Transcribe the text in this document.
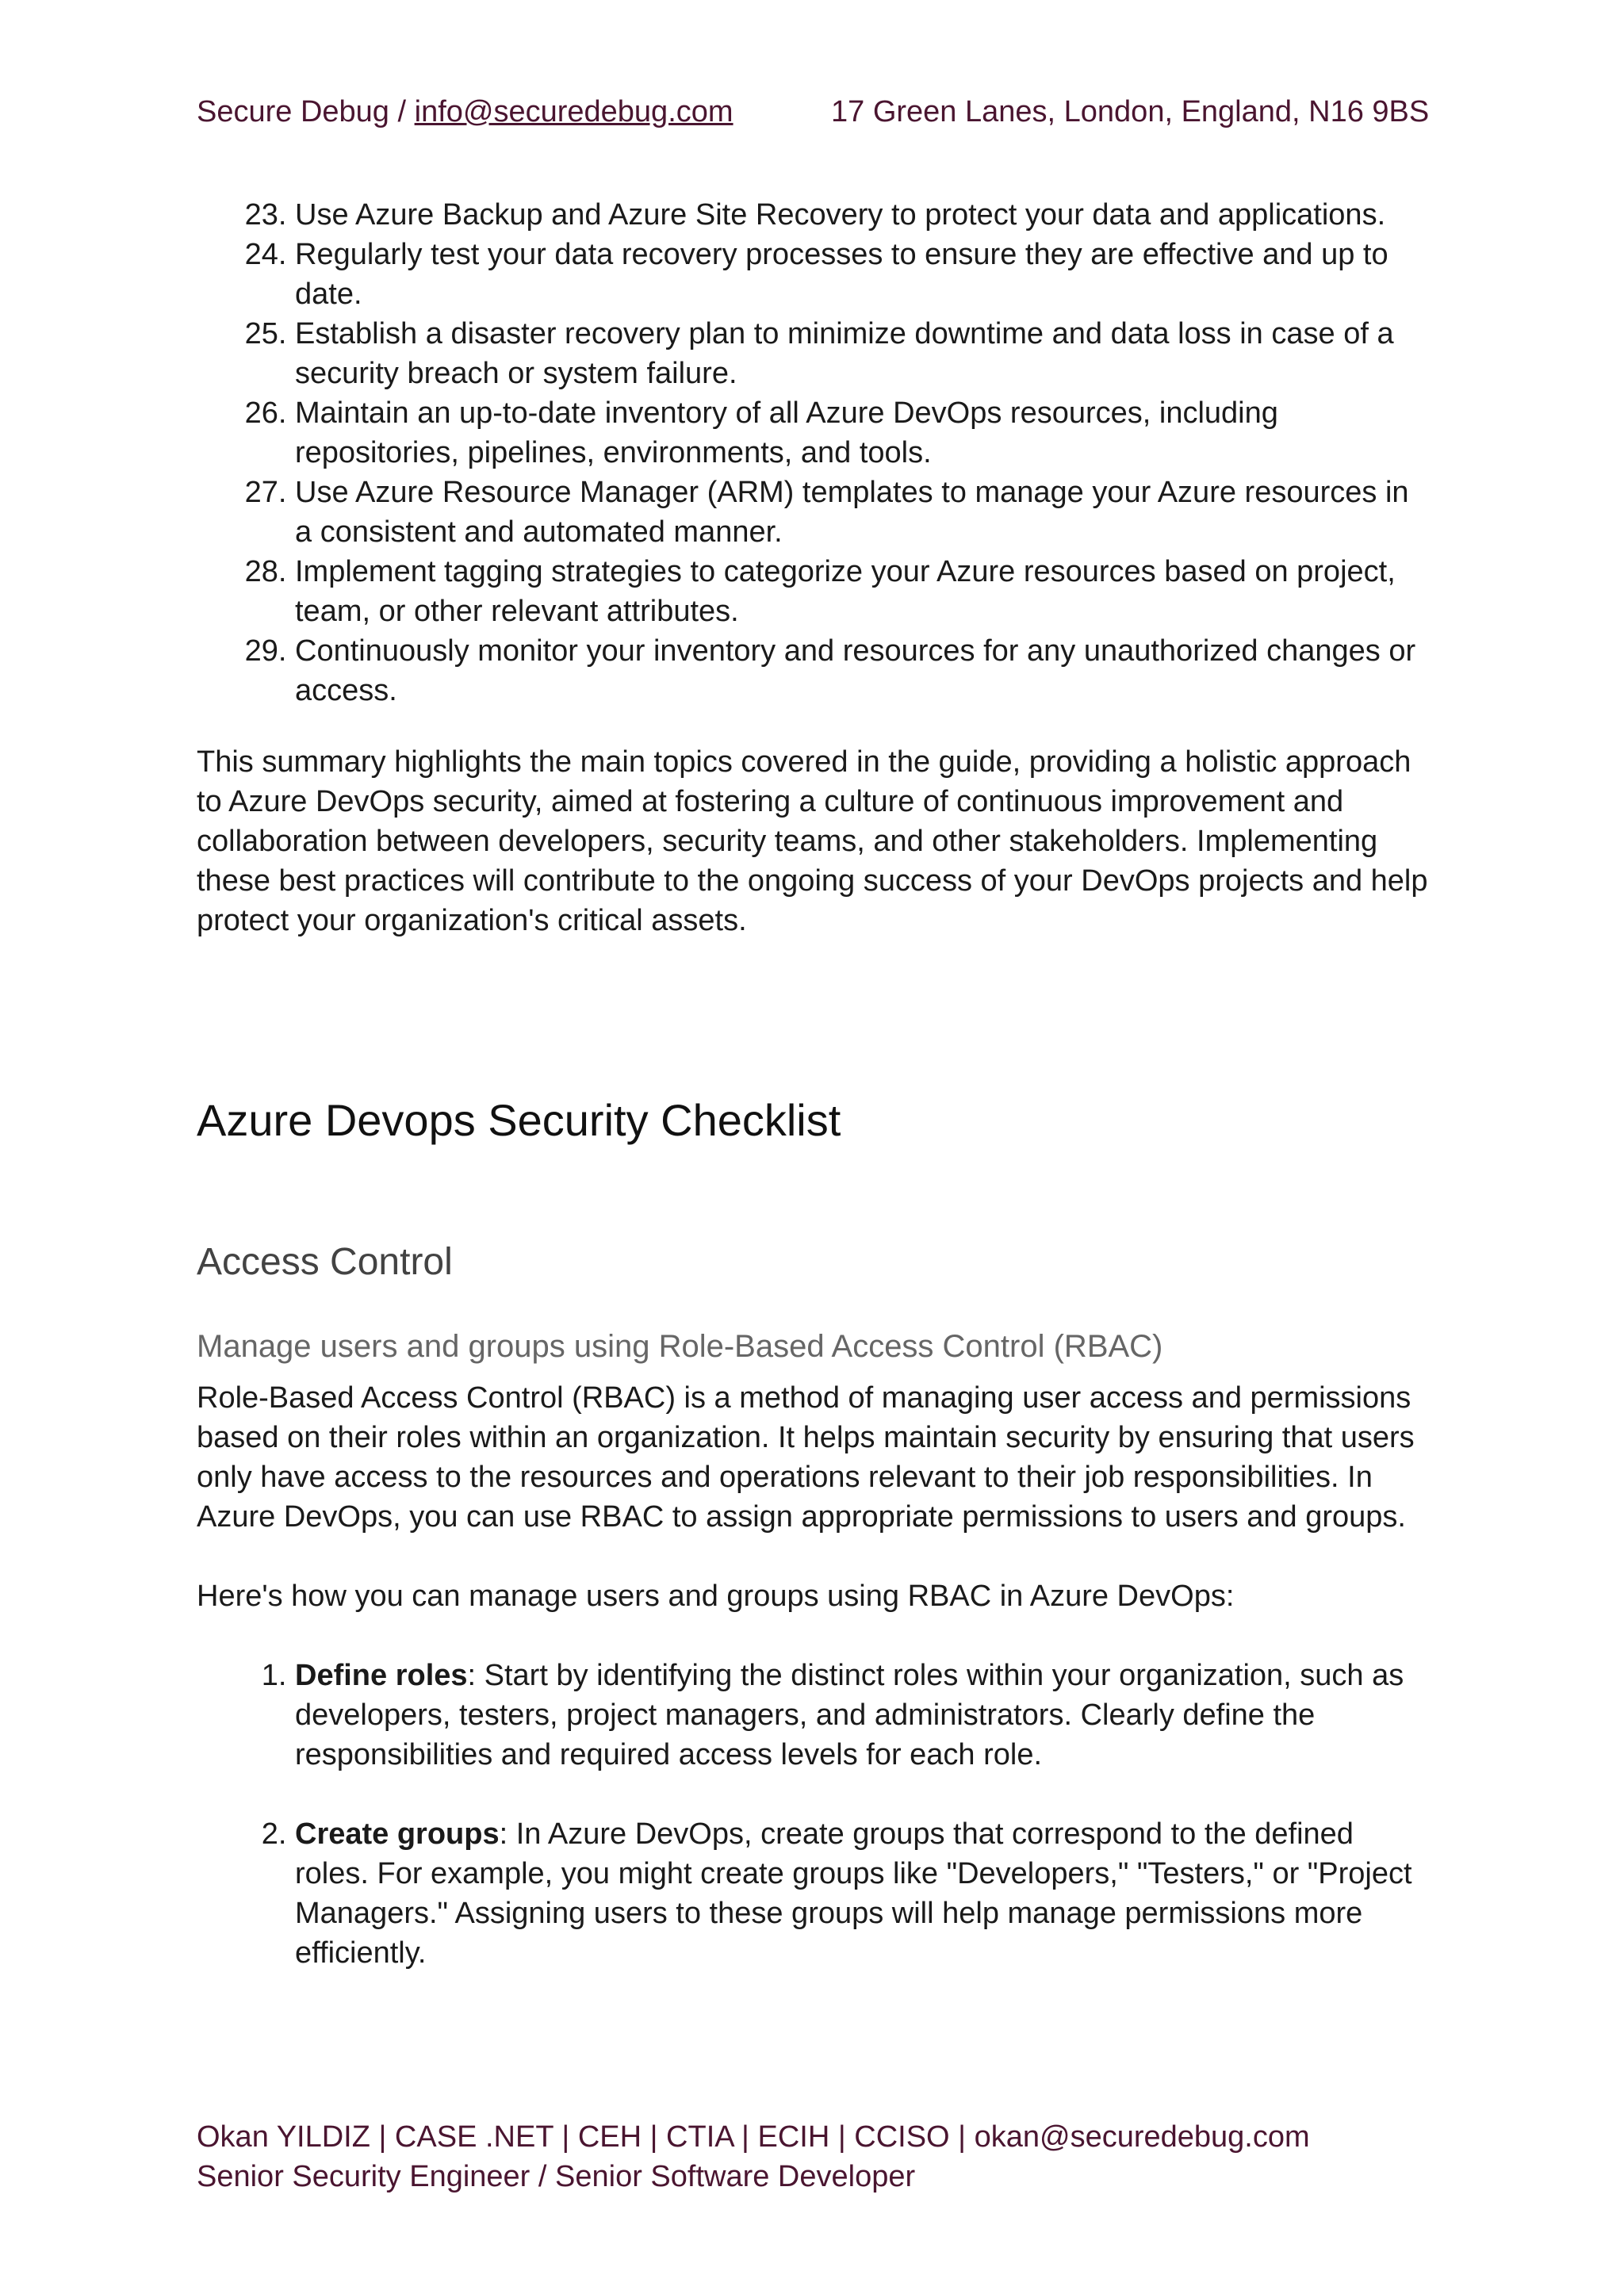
Secure Debug / info@securedebug.com	17 Green Lanes, London, England, N16 9BS
23. Use Azure Backup and Azure Site Recovery to protect your data and applications.
24. Regularly test your data recovery processes to ensure they are effective and up to date.
25. Establish a disaster recovery plan to minimize downtime and data loss in case of a security breach or system failure.
26. Maintain an up-to-date inventory of all Azure DevOps resources, including repositories, pipelines, environments, and tools.
27. Use Azure Resource Manager (ARM) templates to manage your Azure resources in a consistent and automated manner.
28. Implement tagging strategies to categorize your Azure resources based on project, team, or other relevant attributes.
29. Continuously monitor your inventory and resources for any unauthorized changes or access.

This summary highlights the main topics covered in the guide, providing a holistic approach to Azure DevOps security, aimed at fostering a culture of continuous improvement and collaboration between developers, security teams, and other stakeholders. Implementing these best practices will contribute to the ongoing success of your DevOps projects and help protect your organization's critical assets.

Azure Devops Security Checklist
Access Control
Manage users and groups using Role-Based Access Control (RBAC)

Role-Based Access Control (RBAC) is a method of managing user access and permissions based on their roles within an organization. It helps maintain security by ensuring that users only have access to the resources and operations relevant to their job responsibilities. In Azure DevOps, you can use RBAC to assign appropriate permissions to users and groups.

Here's how you can manage users and groups using RBAC in Azure DevOps:

1. Define roles: Start by identifying the distinct roles within your organization, such as developers, testers, project managers, and administrators. Clearly define the responsibilities and required access levels for each role.
2. Create groups: In Azure DevOps, create groups that correspond to the defined roles. For example, you might create groups like "Developers," "Testers," or "Project Managers." Assigning users to these groups will help manage permissions more efficiently.
Okan YILDIZ | CASE .NET | CEH | CTIA | ECIH | CCISO | okan@securedebug.com
Senior Security Engineer / Senior Software Developer
